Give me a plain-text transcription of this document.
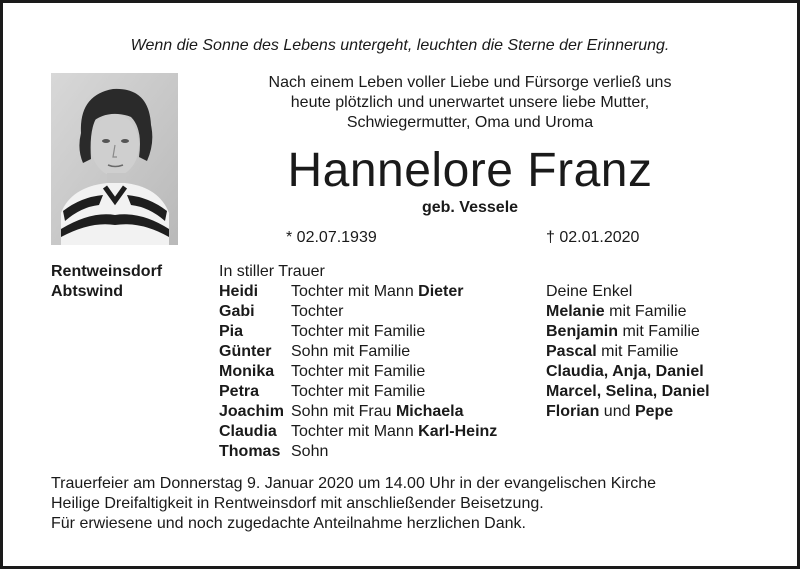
Wenn die Sonne des Lebens untergeht, leuchten die Sterne der Erinnerung.
Nach einem Leben voller Liebe und Fürsorge verließ uns
heute plötzlich und unerwartet unsere liebe Mutter,
Schwiegermutter, Oma und Uroma
Hannelore Franz
geb. Vessele
* 02.07.1939	† 02.01.2020
Rentweinsdorf
Abtswind
In stiller Trauer
Heidi Tochter mit Mann Dieter
Gabi Tochter
Pia	Tochter mit Familie
Günter Sohn mit Familie
Monika Tochter mit Familie
Petra Tochter mit Familie
Joachim Sohn mit Frau Michaela
Claudia Tochter mit Mann Karl-Heinz
Thomas Sohn
Deine Enkel
Melanie mit Familie
Benjamin mit Familie
Pascal mit Familie
Claudia, Anja, Daniel
Marcel, Selina, Daniel
Florian und Pepe
Trauerfeier am Donnerstag 9. Januar 2020 um 14.00 Uhr in der evangelischen Kirche
Heilige Dreifaltigkeit in Rentweinsdorf mit anschließender Beisetzung.
Für erwiesene und noch zugedachte Anteilnahme herzlichen Dank.
